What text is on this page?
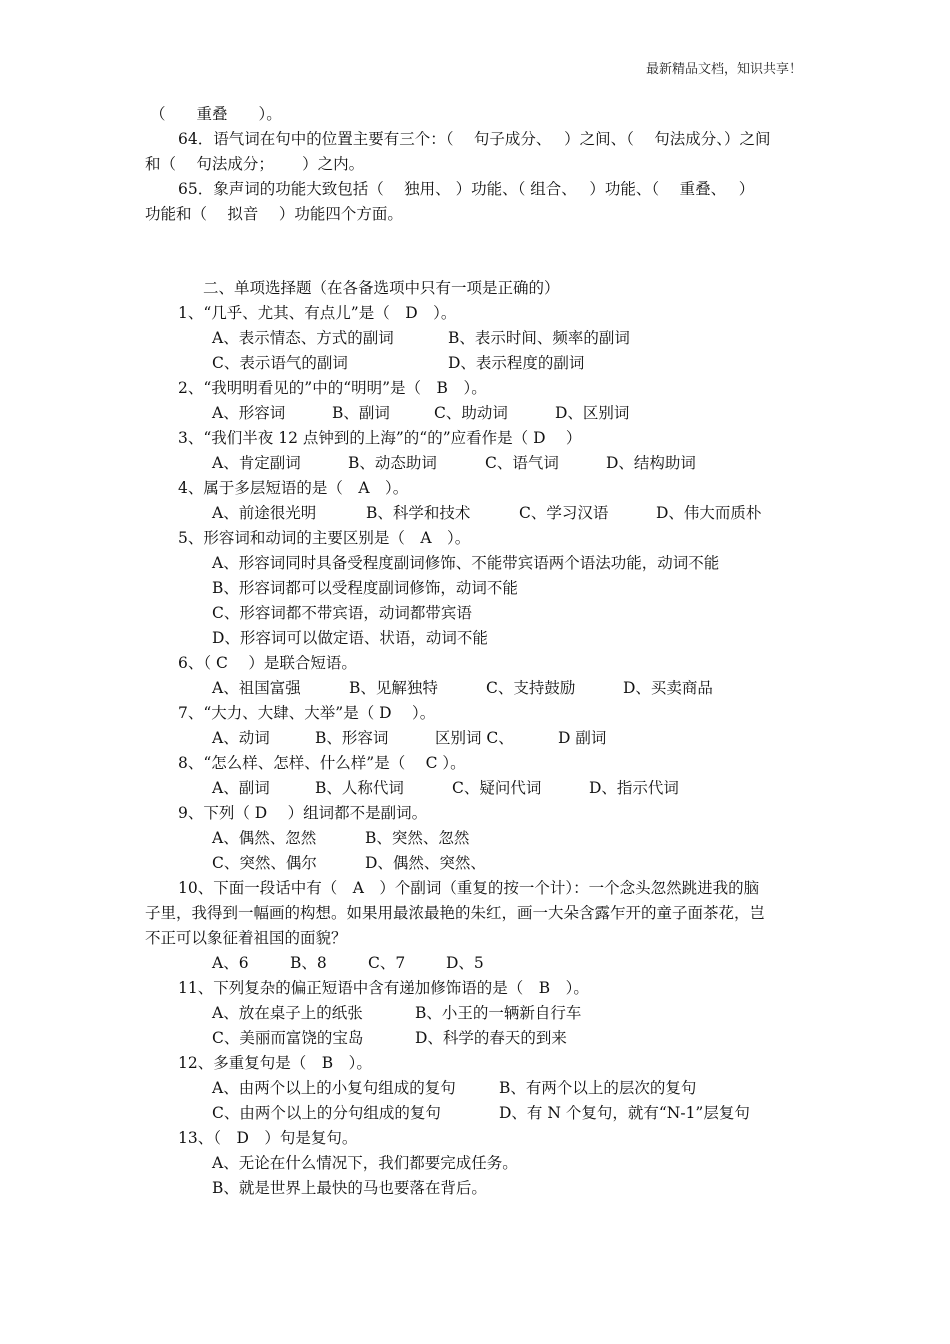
最新精品文档，知识共享！
（　　重叠　　）。
64．语气词在句中的位置主要有三个：（　 句子成分、　 ）之间、（　 句法成分、）之间
和（　 句法成分；　　 ）之内。
65．象声词的功能大致包括（　 独用、 ）功能、（ 组合、　 ）功能、（　 重叠、　 ）
功能和（　 拟音　 ）功能四个方面。
二、单项选择题（在各备选项中只有一项是正确的）
1、“几乎、尤其、有点儿”是（　D　）。
A、表示情态、方式的副词	B、表示时间、频率的副词
C、表示语气的副词	D、表示程度的副词
2、“我明明看见的”中的“明明”是（　B　）。
A、形容词	B、副词	C、助动词	D、区别词
3、“我们半夜 12 点钟到的上海”的“的”应看作是（ D　 ）
A、肯定副词	B、动态助词	C、语气词	D、结构助词
4、属于多层短语的是（　A　）。
A、前途很光明	B、科学和技术	C、学习汉语	D、伟大而质朴
5、形容词和动词的主要区别是（　A　）。
A、形容词同时具备受程度副词修饰、不能带宾语两个语法功能，动词不能
B、形容词都可以受程度副词修饰，动词不能
C、形容词都不带宾语，动词都带宾语
D、形容词可以做定语、状语，动词不能
6、（ C　 ）是联合短语。
A、祖国富强	B、见解独特	C、支持鼓励	D、买卖商品
7、“大力、大肆、大举”是（ D　 ）。
A、动词	B、形容词	区别词 C、	D 副词
8、“怎么样、怎样、什么样”是（　 C ）。
A、副词	B、人称代词	C、疑问代词	D、指示代词
9、下列（ D　 ）组词都不是副词。
A、偶然、忽然	B、突然、忽然
C、突然、偶尔	D、偶然、突然、
10、下面一段话中有（　A　）个副词（重复的按一个计）：一个念头忽然跳进我的脑
子里，我得到一幅画的构想。如果用最浓最艳的朱红，画一大朵含露乍开的童子面茶花，岂
不正可以象征着祖国的面貌？
A、6	B、8	C、7	D、5
11、下列复杂的偏正短语中含有递加修饰语的是（　B　）。
A、放在桌子上的纸张	B、小王的一辆新自行车
C、美丽而富饶的宝岛	D、科学的春天的到来
12、多重复句是（　B　）。
A、由两个以上的小复句组成的复句	B、有两个以上的层次的复句
C、由两个以上的分句组成的复句	D、有 N 个复句，就有“N-1”层复句
13、（　D　）句是复句。
A、无论在什么情况下，我们都要完成任务。
B、就是世界上最快的马也要落在背后。
